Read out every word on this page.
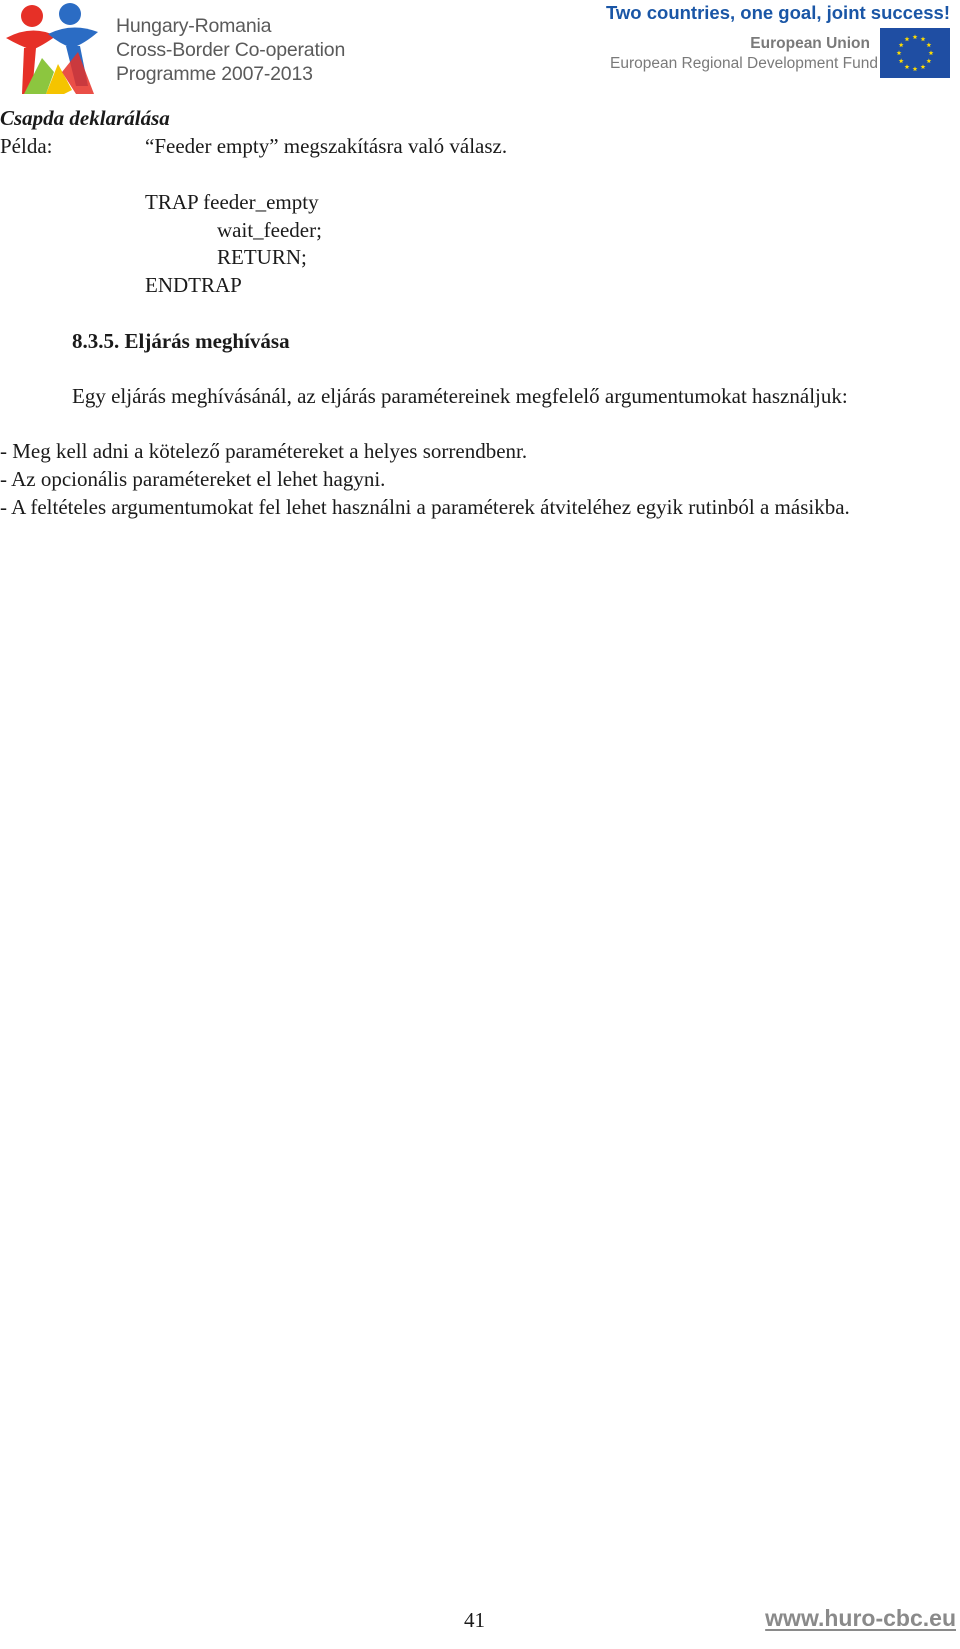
Hungary-Romania
Cross-Border Co-operation
Programme 2007-2013
Two countries, one goal, joint success!
European Union
European Regional Development Fund
Csapda deklarálása
Példa:	“Feeder empty” megszakításra való válasz.
TRAP feeder_empty
wait_feeder;
RETURN;
ENDTRAP
8.3.5. Eljárás meghívása
Egy eljárás meghívásánál, az eljárás paramétereinek megfelelő argumentumokat használjuk:
- Meg kell adni a kötelező paramétereket a helyes sorrendbenr.
- Az opcionális paramétereket el lehet hagyni.
- A feltételes argumentumokat fel lehet használni a paraméterek átviteléhez egyik rutinból a másikba.
41	www.huro-cbc.eu
